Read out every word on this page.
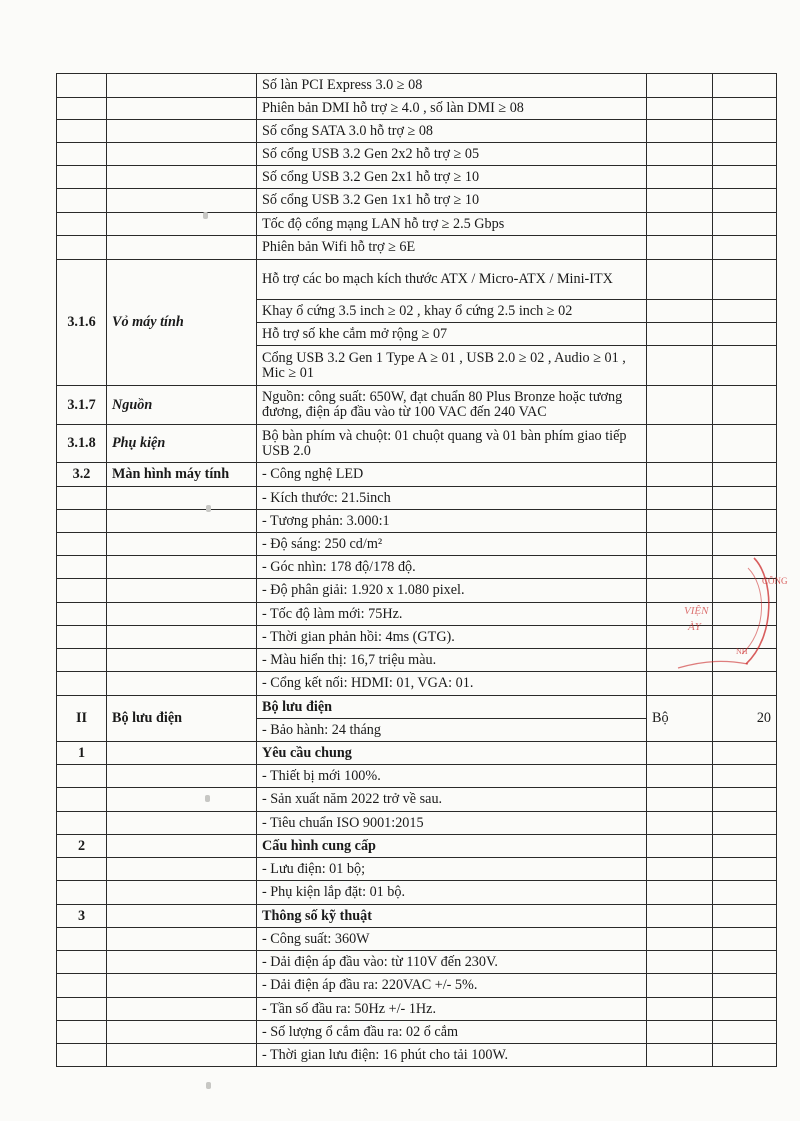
		Số làn PCI Express 3.0 ≥ 08		
		Phiên bản DMI hỗ trợ ≥ 4.0 , số làn DMI ≥ 08		
		Số cổng SATA 3.0 hỗ trợ ≥ 08		
		Số cổng USB 3.2 Gen 2x2 hỗ trợ ≥ 05		
		Số cổng USB 3.2 Gen 2x1 hỗ trợ ≥ 10		
		Số cổng USB 3.2 Gen 1x1 hỗ trợ ≥ 10		
		Tốc độ cổng mạng LAN hỗ trợ ≥ 2.5 Gbps		
		Phiên bản Wifi hỗ trợ ≥ 6E		
3.1.6	Vỏ máy tính	Hỗ trợ các bo mạch kích thước ATX / Micro-ATX / Mini-ITX		
		Khay ổ cứng 3.5 inch ≥ 02 , khay ổ cứng 2.5 inch ≥ 02		
		Hỗ trợ số khe cắm mở rộng ≥ 07		
		Cổng USB 3.2 Gen 1 Type A ≥ 01 , USB 2.0 ≥ 02 , Audio ≥ 01 , Mic ≥ 01		
3.1.7	Nguồn	Nguồn: công suất: 650W, đạt chuẩn 80 Plus Bronze hoặc tương đương, điện áp đầu vào từ 100 VAC đến 240 VAC		
3.1.8	Phụ kiện	Bộ bàn phím và chuột: 01 chuột quang và 01 bàn phím giao tiếp USB 2.0		
3.2	Màn hình máy tính	- Công nghệ LED		
		- Kích thước: 21.5inch		
		- Tương phản: 3.000:1		
		- Độ sáng: 250 cd/m²		
		- Góc nhìn: 178 độ/178 độ.		
		- Độ phân giải: 1.920 x 1.080 pixel.		
		- Tốc độ làm mới: 75Hz.		
		- Thời gian phản hồi: 4ms (GTG).		
		- Màu hiển thị: 16,7 triệu màu.		
		- Cổng kết nối: HDMI: 01, VGA: 01.		
II	Bộ lưu điện	Bộ lưu điện	Bộ	20
		- Bảo hành: 24 tháng		
1		Yêu cầu chung		
		- Thiết bị mới 100%.		
		- Sản xuất năm 2022 trở về sau.		
		- Tiêu chuẩn ISO 9001:2015		
2		Cấu hình cung cấp		
		- Lưu điện: 01 bộ;		
		- Phụ kiện lắp đặt: 01 bộ.		
3		Thông số kỹ thuật		
		- Công suất: 360W		
		- Dải điện áp đầu vào: từ 110V đến 230V.		
		- Dải điện áp đầu ra: 220VAC +/- 5%.		
		- Tần số đầu ra: 50Hz +/- 1Hz.		
		- Số lượng ổ cắm đầu ra: 02 ổ cắm		
		- Thời gian lưu điện: 16 phút cho tải 100W.		
CÔNG
VIỆN
ÀY
NH
